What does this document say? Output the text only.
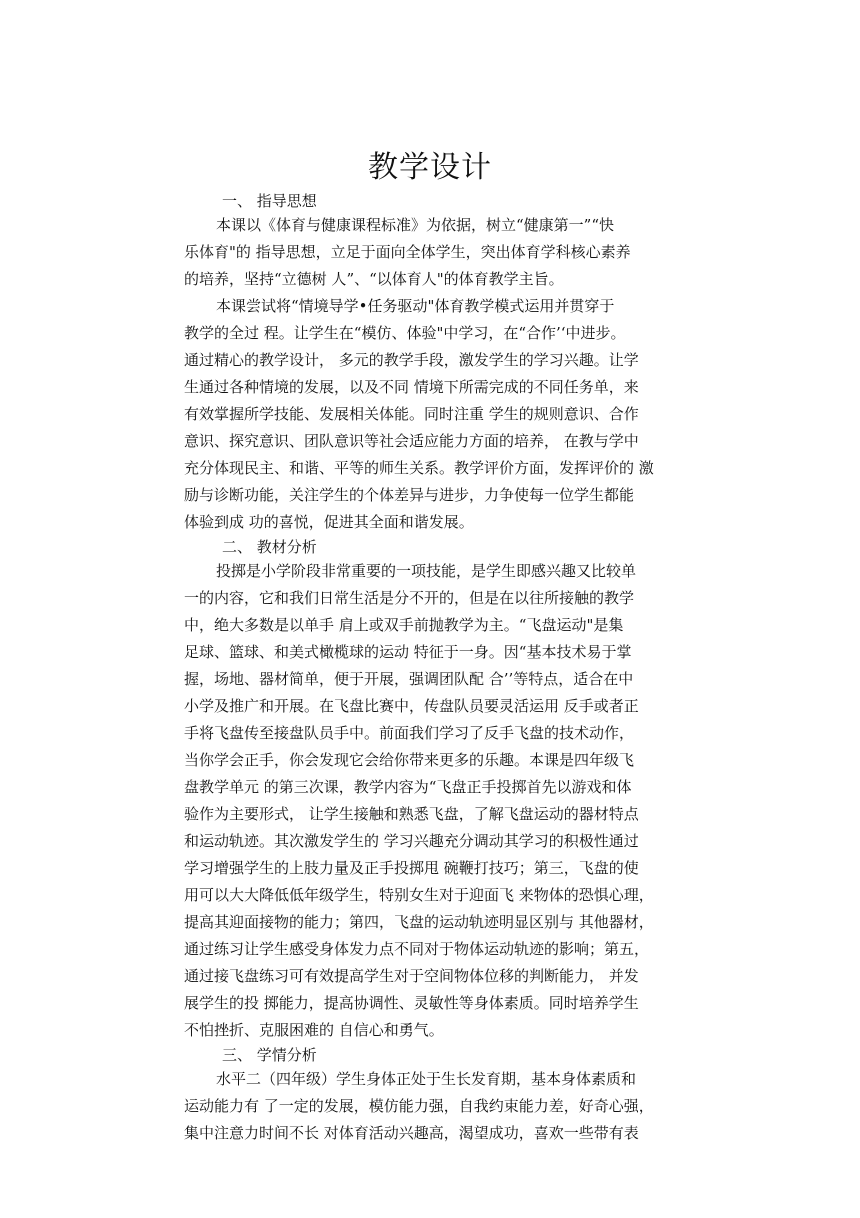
教学设计
一、 指导思想
本课以《体育与健康课程标准》为依据，树立“健康第一”“快
乐体育"的 指导思想，立足于面向全体学生，突出体育学科核心素养
的培养，坚持“立德树 人”、“以体育人"的体育教学主旨。
本课尝试将“情境导学•任务驱动"体育教学模式运用并贯穿于
教学的全过 程。让学生在“模仿、体验"中学习，在“合作’‘中进步。
通过精心的教学设计， 多元的教学手段，激发学生的学习兴趣。让学
生通过各种情境的发展，以及不同 情境下所需完成的不同任务单，来
有效掌握所学技能、发展相关体能。同时注重 学生的规则意识、合作
意识、探究意识、团队意识等社会适应能力方面的培养， 在教与学中
充分体现民主、和谐、平等的师生关系。教学评价方面，发挥评价的 激
励与诊断功能，关注学生的个体差异与进步，力争使每一位学生都能
体验到成 功的喜悦，促进其全面和谐发展。
二、 教材分析
投掷是小学阶段非常重要的一项技能，是学生即感兴趣又比较单
一的内容，它和我们日常生活是分不开的，但是在以往所接触的教学
中，绝大多数是以单手 肩上或双手前抛教学为主。“飞盘运动"是集
足球、篮球、和美式橄榄球的运动 特征于一身。因“基本技术易于掌
握，场地、器材简单，便于开展，强调团队配 合’’等特点，适合在中
小学及推广和开展。在飞盘比赛中，传盘队员要灵活运用 反手或者正
手将飞盘传至接盘队员手中。前面我们学习了反手飞盘的技术动作，
当你学会正手，你会发现它会给你带来更多的乐趣。本课是四年级飞
盘教学单元 的第三次课，教学内容为“飞盘正手投掷首先以游戏和体
验作为主要形式， 让学生接触和熟悉飞盘，了解飞盘运动的器材特点
和运动轨迹。其次激发学生的 学习兴趣充分调动其学习的积极性通过
学习增强学生的上肢力量及正手投掷甩 碗鞭打技巧；第三，飞盘的使
用可以大大降低低年级学生，特别女生对于迎面飞 来物体的恐惧心理，
提高其迎面接物的能力；第四，飞盘的运动轨迹明显区别与 其他器材，
通过练习让学生感受身体发力点不同对于物体运动轨迹的影响；第五，
通过接飞盘练习可有效提高学生对于空间物体位移的判断能力， 并发
展学生的投 掷能力，提高协调性、灵敏性等身体素质。同时培养学生
不怕挫折、克服困难的 自信心和勇气。
三、 学情分析
水平二（四年级）学生身体正处于生长发育期，基本身体素质和
运动能力有 了一定的发展，模仿能力强，自我约束能力差，好奇心强，
集中注意力时间不长 对体育活动兴趣高，渴望成功，喜欢一些带有表
